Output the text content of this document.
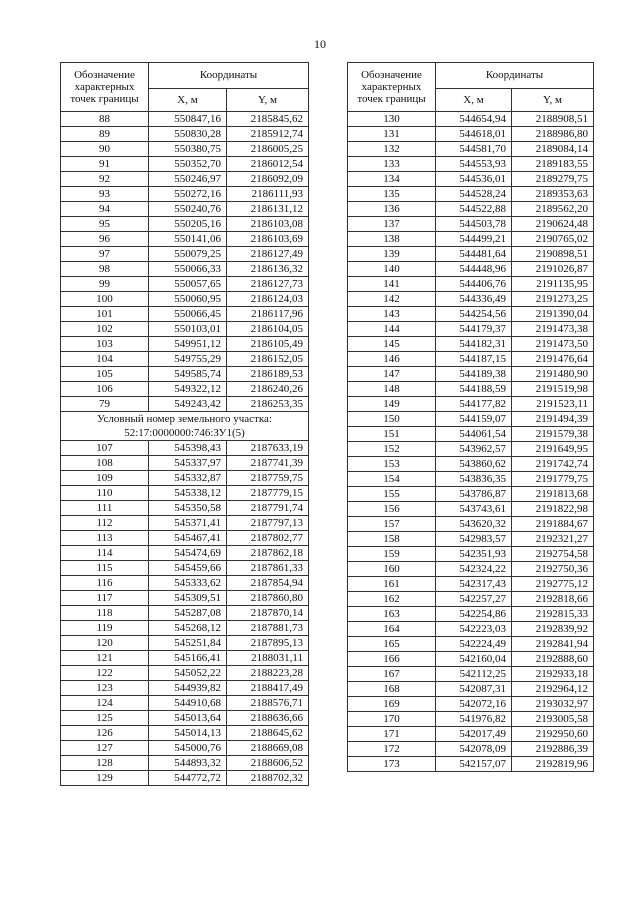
10
Обозначение характерных точек границы	Координаты	
	X, м	Y, м
88	550847,16	2185845,62
89	550830,28	2185912,74
90	550380,75	2186005,25
91	550352,70	2186012,54
92	550246,97	2186092,09
93	550272,16	2186111,93
94	550240,76	2186131,12
95	550205,16	2186103,08
96	550141,06	2186103,69
97	550079,25	2186127,49
98	550066,33	2186136,32
99	550057,65	2186127,73
100	550060,95	2186124,03
101	550066,45	2186117,96
102	550103,01	2186104,05
103	549951,12	2186105,49
104	549755,29	2186152,05
105	549585,74	2186189,53
106	549322,12	2186240,26
79	549243,42	2186253,35
Условный номер земельного участка:
52:17:0000000:746:ЗУ1(5)		
107	545398,43	2187633,19
108	545337,97	2187741,39
109	545332,87	2187759,75
110	545338,12	2187779,15
111	545350,58	2187791,74
112	545371,41	2187797,13
113	545467,41	2187802,77
114	545474,69	2187862,18
115	545459,66	2187861,33
116	545333,62	2187854,94
117	545309,51	2187860,80
118	545287,08	2187870,14
119	545268,12	2187881,73
120	545251,84	2187895,13
121	545166,41	2188031,11
122	545052,22	2188223,28
123	544939,82	2188417,49
124	544910,68	2188576,71
125	545013,64	2188636,66
126	545014,13	2188645,62
127	545000,76	2188669,08
128	544893,32	2188606,52
129	544772,72	2188702,32
Обозначение характерных точек границы	Координаты	
	X, м	Y, м
130	544654,94	2188908,51
131	544618,01	2188986,80
132	544581,70	2189084,14
133	544553,93	2189183,55
134	544536,01	2189279,75
135	544528,24	2189353,63
136	544522,88	2189562,20
137	544503,78	2190624,48
138	544499,21	2190765,02
139	544481,64	2190898,51
140	544448,96	2191026,87
141	544406,76	2191135,95
142	544336,49	2191273,25
143	544254,56	2191390,04
144	544179,37	2191473,38
145	544182,31	2191473,50
146	544187,15	2191476,64
147	544189,38	2191480,90
148	544188,59	2191519,98
149	544177,82	2191523,11
150	544159,07	2191494,39
151	544061,54	2191579,38
152	543962,57	2191649,95
153	543860,62	2191742,74
154	543836,35	2191779,75
155	543786,87	2191813,68
156	543743,61	2191822,98
157	543620,32	2191884,67
158	542983,57	2192321,27
159	542351,93	2192754,58
160	542324,22	2192750,36
161	542317,43	2192775,12
162	542257,27	2192818,66
163	542254,86	2192815,33
164	542223,03	2192839,92
165	542224,49	2192841,94
166	542160,04	2192888,60
167	542112,25	2192933,18
168	542087,31	2192964,12
169	542072,16	2193032,97
170	541976,82	2193005,58
171	542017,49	2192950,60
172	542078,09	2192886,39
173	542157,07	2192819,96
